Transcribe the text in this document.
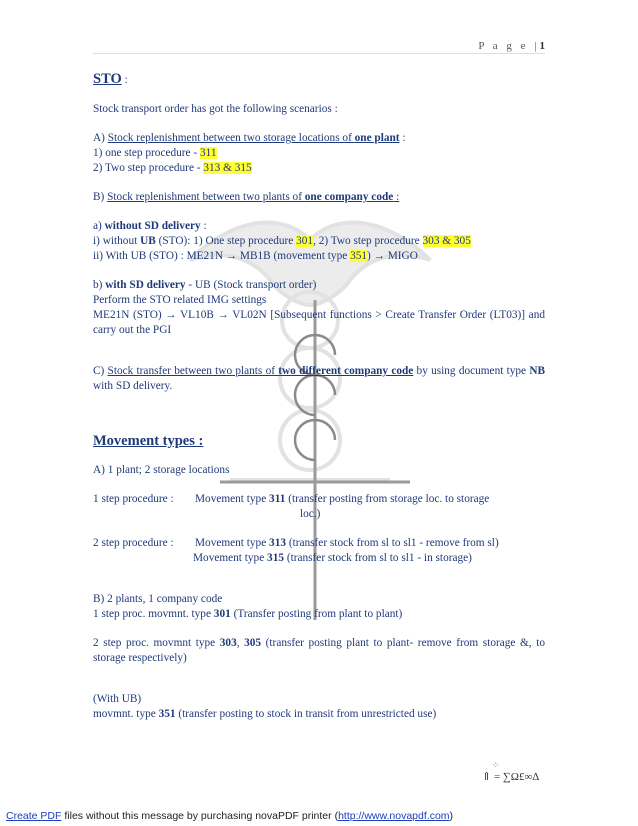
P a g e |1

STO :

Stock transport order has got the following scenarios :

A) Stock replenishment between two storage locations of one plant :

1) one step procedure - 311

2) Two step procedure - 313 & 315

B) Stock replenishment between two plants of one company code :

a) without SD delivery :

i) without UB (STO): 1) One step procedure 301, 2) Two step procedure 303 & 305

ii) With UB (STO) : ME21N → MB1B (movement type 351) → MIGO

b) with SD delivery - UB (Stock transport order)

Perform the STO related IMG settings

ME21N (STO) → VL10B → VL02N [Subsequent functions > Create Transfer Order (LT03)] and carry out the PGI

C) Stock transfer between two plants of two different company code by using document type NB with SD delivery.

Movement types :

A) 1 plant; 2 storage locations

1 step procedure :	Movement type 311 (transfer posting from storage loc. to storage
loc.)
2 step procedure :	Movement type 313 (transfer stock from sl to sl1 - remove from sl)

Movement type 315 (transfer stock from sl to sl1 - in storage)

B) 2 plants, 1 company code

1 step proc. movmnt. type 301 (Transfer posting from plant to plant)

2 step proc. movmnt type 303, 305 (transfer posting plant to plant- remove from storage &, to storage respectively)

(With UB)

movmnt. type 351 (transfer posting to stock in transit from unrestricted use)

⁘
⇑ = ∑Ω£∞Δ
Create PDF files without this message by purchasing novaPDF printer (http://www.novapdf.com)
